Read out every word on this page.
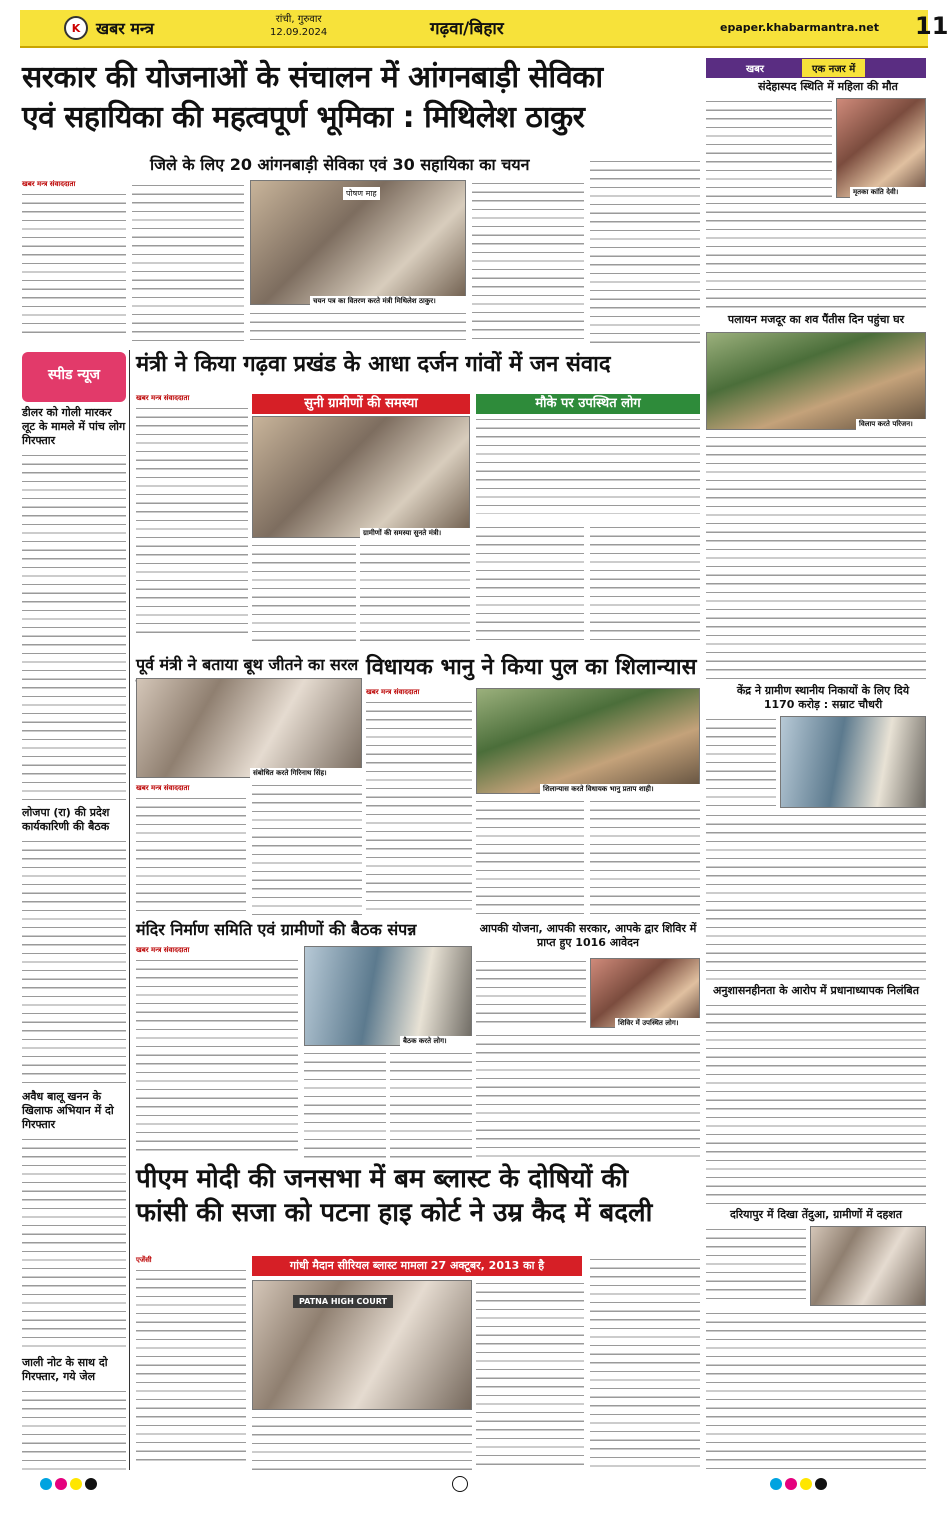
K खबर मन्त्र	रांची, गुरुवार
12.09.2024	गढ़वा/बिहार	epaper.khabarmantra.net 11
सरकार की योजनाओं के संचालन में आंगनबाड़ी सेविका
एवं सहायिका की महत्वपूर्ण भूमिका : मिथिलेश ठाकुर
जिले के लिए 20 आंगनबाड़ी सेविका एवं 30 सहायिका का चयन
खबर मन्त्र संवाददाता
पोषण माह
चयन पत्र का वितरण करते मंत्री मिथिलेश ठाकुर।
खबर	एक नजर में
संदेहास्पद स्थिति में महिला की मौत
मृतका कांति देवी।
पलायन मजदूर का शव पैंतीस दिन पहुंचा घर
विलाप करते परिजन।
केंद्र ने ग्रामीण स्थानीय निकायों के लिए दिये 1170 करोड़ : सम्राट चौधरी
अनुशासनहीनता के आरोप में प्रधानाध्यापक निलंबित
दरियापुर में दिखा तेंदुआ, ग्रामीणों में दहशत
स्पीड न्यूज
डीलर को गोली मारकर लूट के मामले में पांच लोग गिरफ्तार
लोजपा (रा) की प्रदेश कार्यकारिणी की बैठक
अवैध बालू खनन के खिलाफ अभियान में दो गिरफ्तार
जाली नोट के साथ दो गिरफ्तार, गये जेल
मंत्री ने किया गढ़वा प्रखंड के आधा दर्जन गांवों में जन संवाद
खबर मन्त्र संवाददाता	सुनी ग्रामीणों की समस्या
ग्रामीणों की समस्या सुनते मंत्री।
मौके पर उपस्थित लोग
पूर्व मंत्री ने बताया बूथ जीतने का सरल
संबोधित करते गिरिनाथ सिंह।
खबर मन्त्र संवाददाता
विधायक भानु ने किया पुल का शिलान्यास
खबर मन्त्र संवाददाता
शिलान्यास करते विधायक भानु प्रताप शाही।
मंदिर निर्माण समिति एवं ग्रामीणों की बैठक संपन्न
खबर मन्त्र संवाददाता
बैठक करते लोग।
आपकी योजना, आपकी सरकार, आपके द्वार शिविर में प्राप्त हुए 1016 आवेदन
शिविर में उपस्थित लोग।
पीएम मोदी की जनसभा में बम ब्लास्ट के दोषियों की
फांसी की सजा को पटना हाइ कोर्ट ने उम्र कैद में बदली
एजेंसी	गांधी मैदान सीरियल ब्लास्ट मामला 27 अक्टूबर, 2013 का है
PATNA HIGH COURT
